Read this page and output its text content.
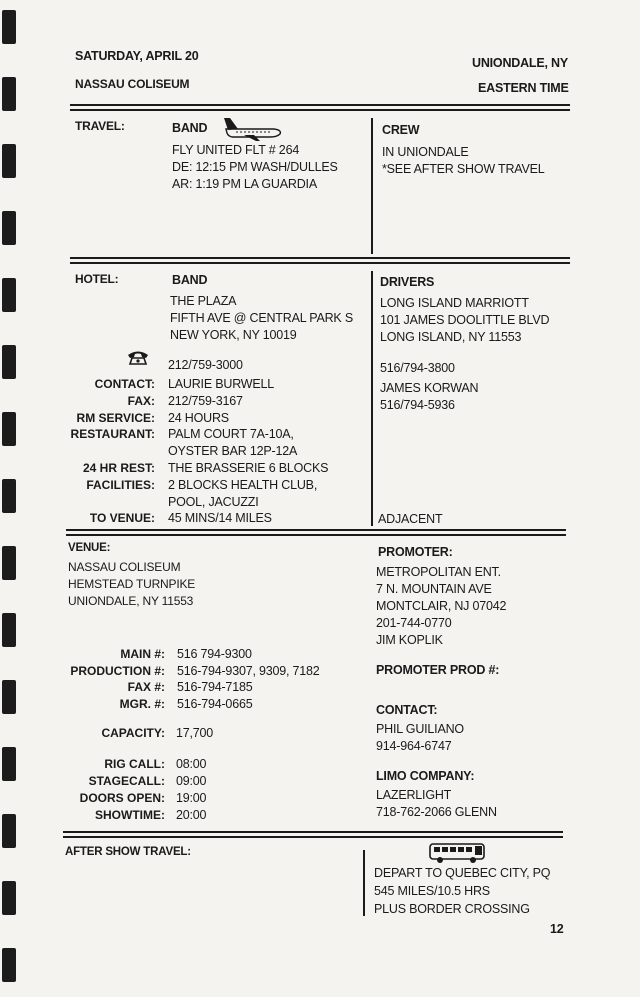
SATURDAY, APRIL 20
NASSAU COLISEUM
UNIONDALE, NY
EASTERN TIME
TRAVEL:	BAND
FLY UNITED FLT # 264
DE: 12:15 PM WASH/DULLES
AR: 1:19 PM LA GUARDIA
CREW
IN UNIONDALE
*SEE AFTER SHOW TRAVEL
HOTEL:	BAND
THE PLAZA
FIFTH AVE @ CENTRAL PARK S
NEW YORK, NY 10019
212/759-3000
CONTACT: LAURIE BURWELL
FAX: 212/759-3167
RM SERVICE: 24 HOURS
RESTAURANT: PALM COURT 7A-10A,
OYSTER BAR 12P-12A
24 HR REST: THE BRASSERIE 6 BLOCKS
FACILITIES: 2 BLOCKS HEALTH CLUB,
POOL, JACUZZI
TO VENUE: 45 MINS/14 MILES
DRIVERS
LONG ISLAND MARRIOTT
101 JAMES DOOLITTLE BLVD
LONG ISLAND, NY 11553
516/794-3800
JAMES KORWAN
516/794-5936
ADJACENT
VENUE:
NASSAU COLISEUM
HEMSTEAD TURNPIKE
UNIONDALE, NY 11553
MAIN #: 516 794-9300
PRODUCTION #: 516-794-9307, 9309, 7182
FAX #: 516-794-7185
MGR. #: 516-794-0665
CAPACITY: 17,700
RIG CALL: 08:00
STAGECALL: 09:00
DOORS OPEN: 19:00
SHOWTIME: 20:00
PROMOTER:
METROPOLITAN ENT.
7 N. MOUNTAIN AVE
MONTCLAIR, NJ 07042
201-744-0770
JIM KOPLIK
PROMOTER PROD #:
CONTACT:
PHIL GUILIANO
914-964-6747
LIMO COMPANY:
LAZERLIGHT
718-762-2066 GLENN
AFTER SHOW TRAVEL:
DEPART TO QUEBEC CITY, PQ
545 MILES/10.5 HRS
PLUS BORDER CROSSING
12
